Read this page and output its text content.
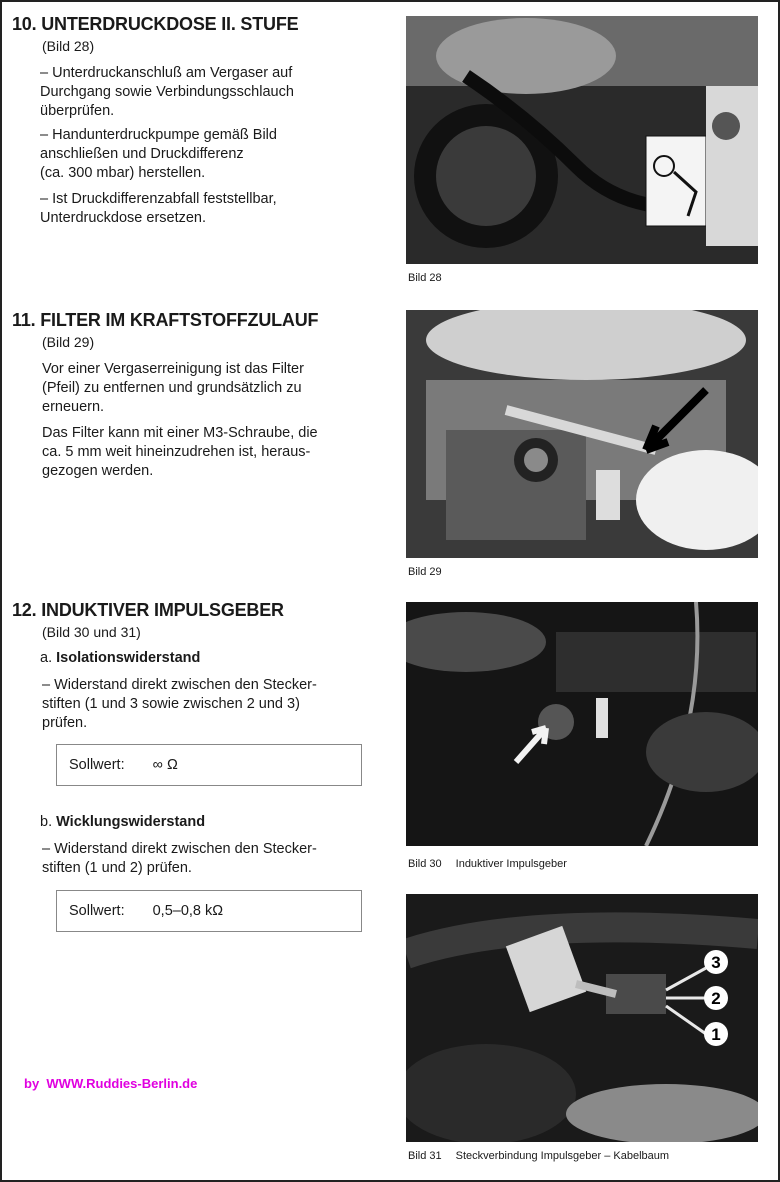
10. UNTERDRUCKDOSE II. STUFE
(Bild 28)
– Unterdruckanschluß am Vergaser auf
Durchgang sowie Verbindungsschlauch
überprüfen.
– Handunterdruckpumpe gemäß Bild
anschließen und Druckdifferenz
(ca. 300 mbar) herstellen.
– Ist Druckdifferenzabfall feststellbar,
Unterdruckdose ersetzen.
Bild 28
11. FILTER IM KRAFTSTOFFZULAUF
(Bild 29)
Vor einer Vergaserreinigung ist das Filter
(Pfeil) zu entfernen und grundsätzlich zu
erneuern.
Das Filter kann mit einer M3-Schraube, die
ca. 5 mm weit hineinzudrehen ist, heraus-
gezogen werden.
Bild 29
12. INDUKTIVER IMPULSGEBER
(Bild 30 und 31)
a. Isolationswiderstand
– Widerstand direkt zwischen den Stecker-
stiften (1 und 3 sowie zwischen 2 und 3)
prüfen.
Sollwert: ∞ Ω
b. Wicklungswiderstand
– Widerstand direkt zwischen den Stecker-
stiften (1 und 2) prüfen.
Sollwert: 0,5–0,8 kΩ
Bild 30 Induktiver Impulsgeber
3
2
1
Bild 31 Steckverbindung Impulsgeber – Kabelbaum
by WWW.Ruddies-Berlin.de
